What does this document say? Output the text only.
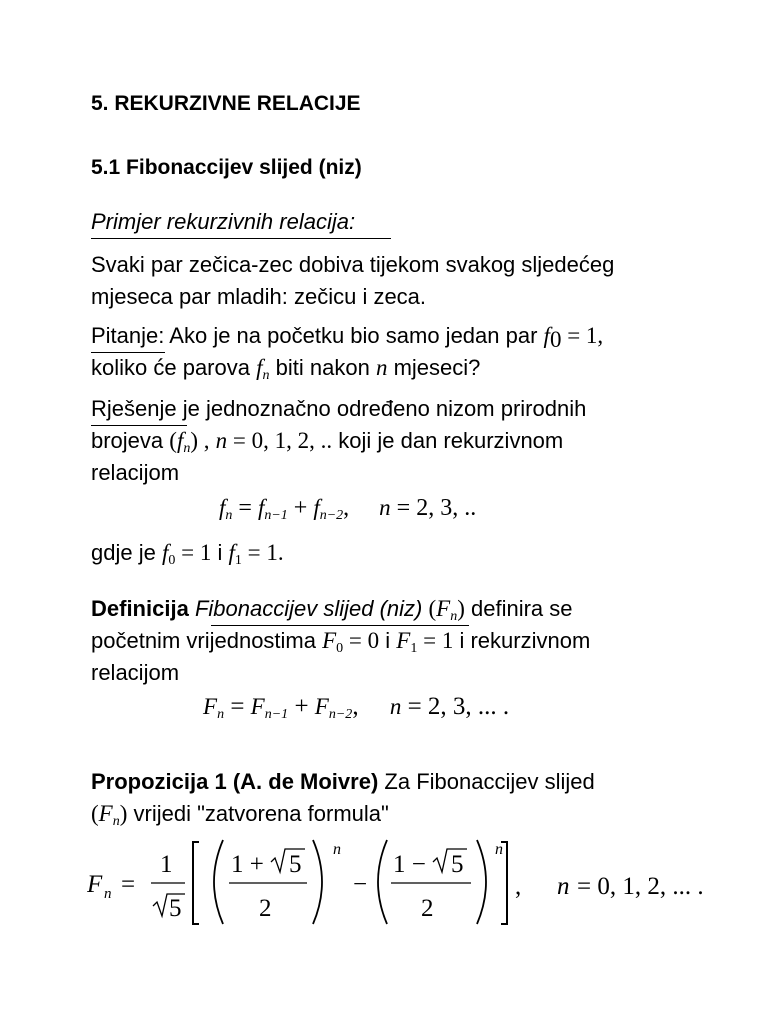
5. REKURZIVNE RELACIJE
5.1 Fibonaccijev slijed (niz)
Primjer rekurzivnih relacija:
Svaki par zečica-zec dobiva tijekom svakog sljedećeg
mjeseca par mladih: zečicu i zeca.
Pitanje: Ako je na početku bio samo jedan par $f_0 = 1$,
koliko će parova $f_n$ biti nakon n mjeseci?
Rješenje je jednoznačno određeno nizom prirodnih
brojeva $(f_n)$ , n = 0, 1, 2, .. koji je dan rekurzivnom
relacijom
$f_n = f_{n-1} + f_{n-2}$,     n = 2, 3, ..
gdje je $f_0 = 1$ i $f_1 = 1$.
Definicija Fibonaccijev slijed (niz) $(F_n)$ definira se
početnim vrijednostima $F_0 = 0$ i $F_1 = 1$ i rekurzivnom
relacijom
$F_n = F_{n-1} + F_{n-2}$,     n = 2, 3, ... .
Propozicija 1 (A. de Moivre) Za Fibonaccijev slijed
$(F_n)$ vrijedi "zatvorena formula"
F n =
1
5
1 + 5
2
n
−
1 − 5
2
n
, n = 0, 1, 2, ... .
